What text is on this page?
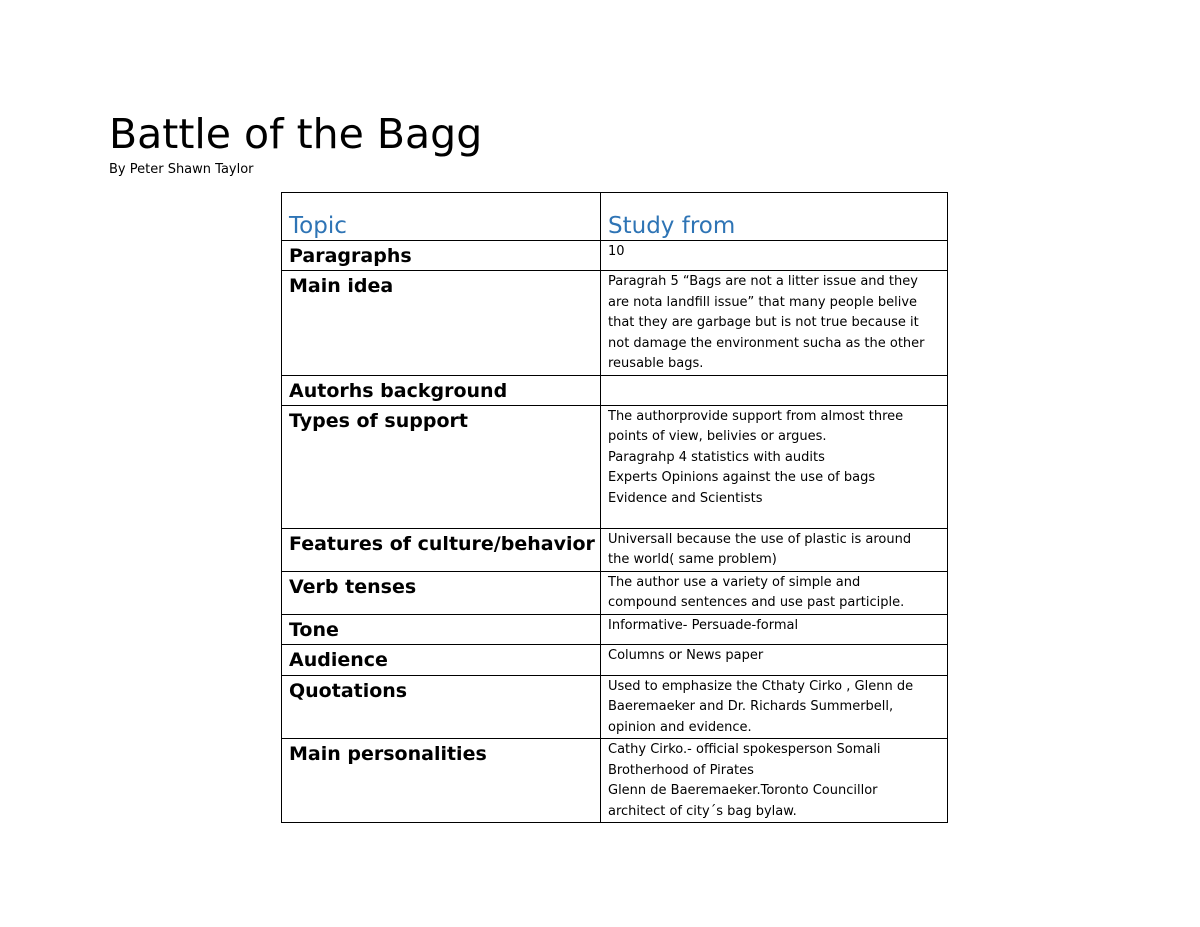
Battle of the Bagg
By Peter Shawn Taylor
Topic	Study from
Paragraphs	10

Main idea	Paragrah 5 “Bags are not a litter issue and they
are nota landfill issue” that many people belive
that they are garbage but is not true because it
not damage the environment sucha as the other
reusable bags.

Autorhs background	
Types of support	The authorprovide support from almost three
points of view, belivies or argues.
Paragrahp 4 statistics with audits
Experts Opinions against the use of bags
Evidence and Scientists

Features of culture/behavior	Universall because the use of plastic is around
the world( same problem)

Verb tenses	The author use a variety of simple and
compound sentences and use past participle.

Tone	Informative- Persuade-formal

Audience	Columns or News paper

Quotations	Used to emphasize the Cthaty Cirko , Glenn de
Baeremaeker and Dr. Richards Summerbell,
opinion and evidence.

Main personalities	Cathy Cirko.- official spokesperson Somali
Brotherhood of Pirates
Glenn de Baeremaeker.Toronto Councillor
architect of city´s bag bylaw.
